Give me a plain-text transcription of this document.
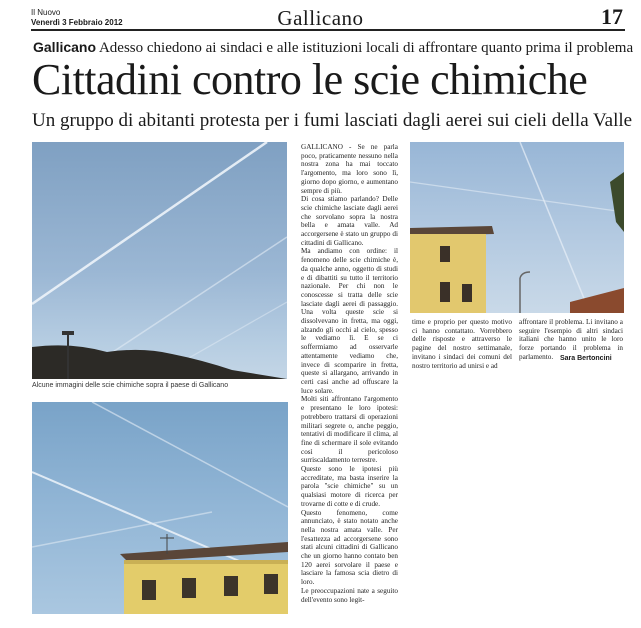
Il Nuovo
Venerdì 3 Febbraio 2012	Gallicano	17
Gallicano Adesso chiedono ai sindaci e alle istituzioni locali di affrontare quanto prima il problema
Cittadini contro le scie chimiche
Un gruppo di abitanti protesta per i fumi lasciati dagli aerei sui cieli della Valle
Alcune immagini delle scie chimiche sopra il paese di Gallicano

GALLICANO - Se ne parla poco, praticamente nessuno nella nostra zona ha mai toccato l'argomento, ma loro sono lì, giorno dopo giorno, e aumentano sempre di più.

Di cosa stiamo parlando? Delle scie chimiche lasciate dagli aerei che sorvolano sopra la nostra bella e amata valle. Ad accorgersene è stato un gruppo di cittadini di Gallicano.

Ma andiamo con ordine: il fenomeno delle scie chimiche è, da qualche anno, oggetto di studi e di dibattiti su tutto il territorio nazionale. Per chi non le conoscesse si tratta delle scie lasciate dagli aerei di passaggio. Una volta queste scie si dissolvevano in fretta, ma oggi, alzando gli occhi al cielo, spesso le vediamo lì. E se ci soffermiamo ad osservarle attentamente vediamo che, invece di scomparire in fretta, queste si allargano, arrivando in certi casi anche ad offuscare la luce solare.

Molti siti affrontano l'argomento e presentano le loro ipotesi: potrebbero trattarsi di operazioni militari segrete o, anche peggio, tentativi di modificare il clima, al fine di schermare il sole evitando così il pericoloso surriscaldamento terrestre.

Queste sono le ipotesi più accreditate, ma basta inserire la parola "scie chimiche" su un qualsiasi motore di ricerca per trovarne di cotte e di crude.

Questo fenomeno, come annunciato, è stato notato anche nella nostra amata valle. Per l'esattezza ad accorgersene sono stati alcuni cittadini di Gallicano che un giorno hanno contato ben 120 aerei sorvolare il paese e lasciare la famosa scia dietro di loro.

Le preoccupazioni nate a seguito dell'evento sono legit-

time e proprio per questo motivo ci hanno contattato. Vorrebbero delle risposte e attraverso le pagine del nostro settimanale, invitano i sindaci dei comuni del nostro territorio ad unirsi e ad

affrontare il problema. Li invitano a seguire l'esempio di altri sindaci italiani che hanno unito le loro forze portando il problema in parlamento. Sara Bertoncini
